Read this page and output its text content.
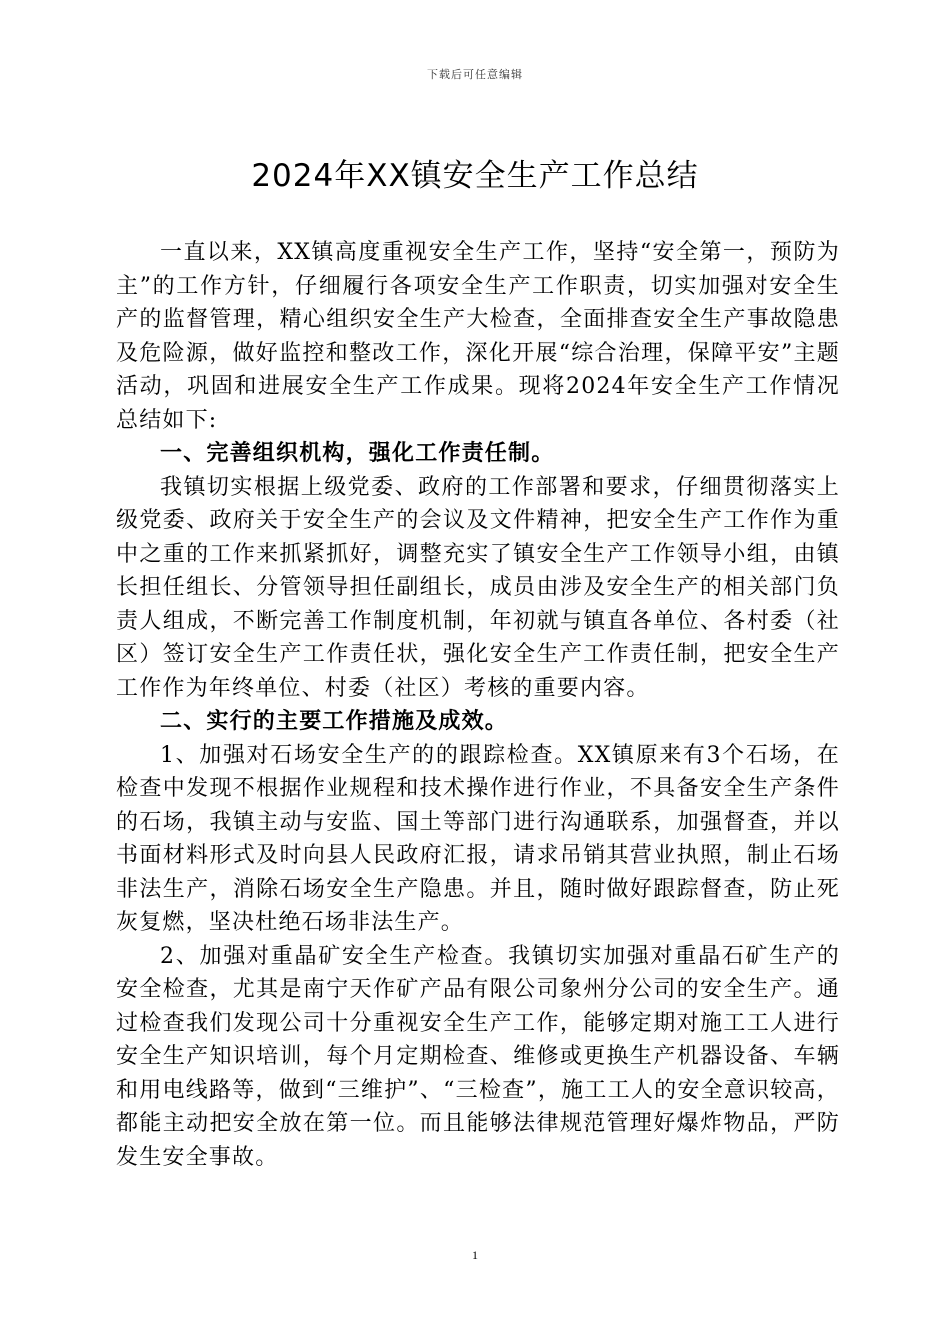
下载后可任意编辑
2024年XX镇安全生产工作总结

一直以来，XX镇高度重视安全生产工作，坚持“安全第一，预防为主”的工作方针，仔细履行各项安全生产工作职责，切实加强对安全生产的监督管理，精心组织安全生产大检查，全面排查安全生产事故隐患及危险源，做好监控和整改工作，深化开展“综合治理，保障平安”主题活动，巩固和进展安全生产工作成果。现将2024年安全生产工作情况总结如下:

一、完善组织机构，强化工作责任制。

我镇切实根据上级党委、政府的工作部署和要求，仔细贯彻落实上级党委、政府关于安全生产的会议及文件精神，把安全生产工作作为重中之重的工作来抓紧抓好，调整充实了镇安全生产工作领导小组，由镇长担任组长、分管领导担任副组长，成员由涉及安全生产的相关部门负责人组成，不断完善工作制度机制，年初就与镇直各单位、各村委（社区）签订安全生产工作责任状，强化安全生产工作责任制，把安全生产工作作为年终单位、村委（社区）考核的重要内容。

二、实行的主要工作措施及成效。

1、加强对石场安全生产的的跟踪检查。XX镇原来有3个石场，在检查中发现不根据作业规程和技术操作进行作业，不具备安全生产条件的石场，我镇主动与安监、国土等部门进行沟通联系，加强督查，并以书面材料形式及时向县人民政府汇报，请求吊销其营业执照，制止石场非法生产，消除石场安全生产隐患。并且，随时做好跟踪督查，防止死灰复燃，坚决杜绝石场非法生产。

2、加强对重晶矿安全生产检查。我镇切实加强对重晶石矿生产的安全检查，尤其是南宁天作矿产品有限公司象州分公司的安全生产。通过检查我们发现公司十分重视安全生产工作，能够定期对施工工人进行安全生产知识培训，每个月定期检查、维修或更换生产机器设备、车辆和用电线路等，做到“三维护”、“三检查”，施工工人的安全意识较高，都能主动把安全放在第一位。而且能够法律规范管理好爆炸物品，严防发生安全事故。

1
